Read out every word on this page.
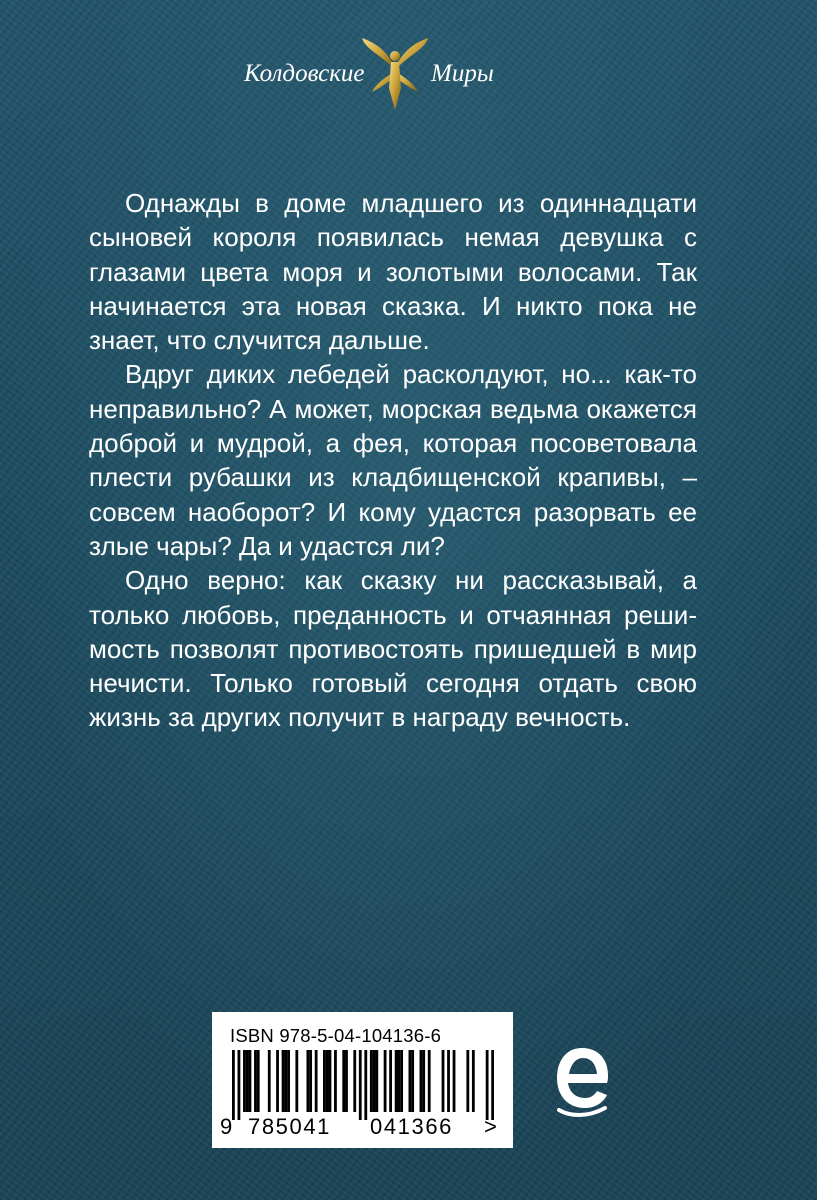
Колдовские	Миры

Однажды в доме младшего из одиннадцати сыновей короля появилась немая девушка с глазами цвета моря и золотыми волосами. Так начинается эта новая сказка. И никто пока не знает, что случится дальше.

Вдруг диких лебедей расколдуют, но... как-то неправильно? А может, морская ведьма окажется доброй и мудрой, а фея, которая посоветовала плести рубашки из кладбищенской крапивы, – совсем наоборот? И кому удастся разорвать ее злые чары? Да и удастся ли?

Одно верно: как сказку ни рассказывай, а только любовь, преданность и отчаянная решимость позволят противостоять пришедшей в мир нечисти. Только готовый сегодня отдать свою жизнь за других получит в награду вечность.

ISBN 978-5-04-104136-6
9 785041 041366 >
